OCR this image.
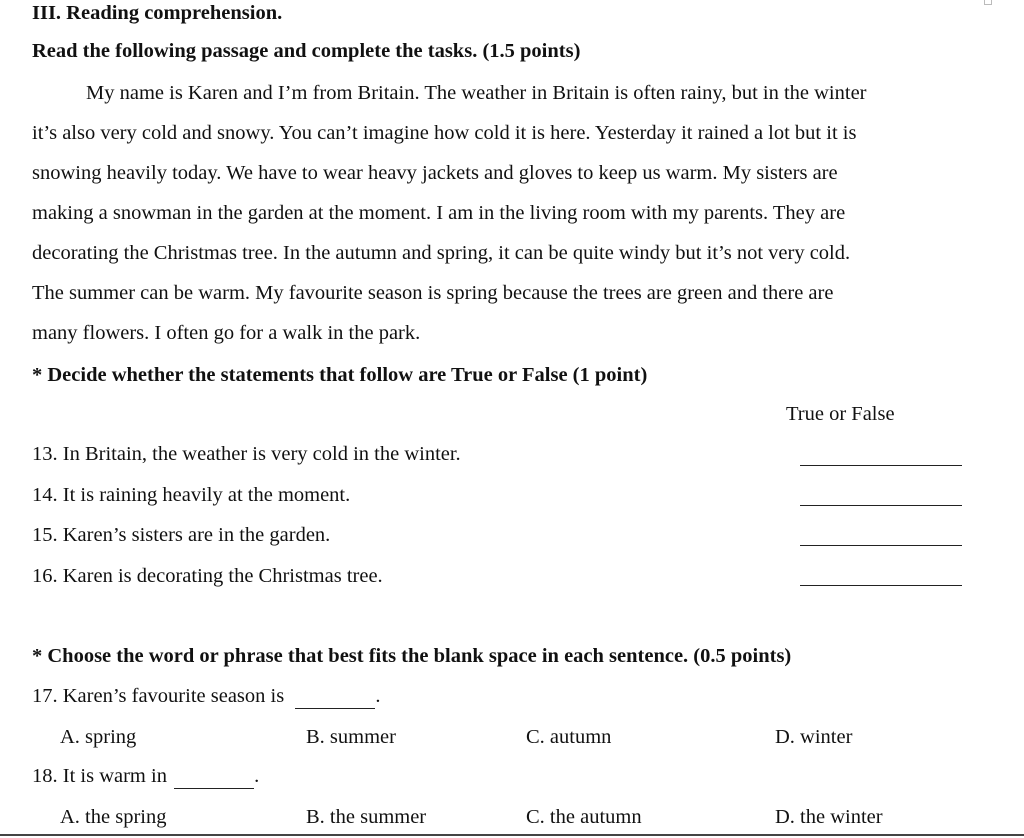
III. Reading comprehension.
Read the following passage and complete the tasks. (1.5 points)
My name is Karen and I’m from Britain. The weather in Britain is often rainy, but in the winter
it’s also very cold and snowy. You can’t imagine how cold it is here. Yesterday it rained a lot but it is
snowing heavily today. We have to wear heavy jackets and gloves to keep us warm. My sisters are
making a snowman in the garden at the moment. I am in the living room with my parents. They are
decorating the Christmas tree. In the autumn and spring, it can be quite windy but it’s not very cold.
The summer can be warm. My favourite season is spring because the trees are green and there are
many flowers. I often go for a walk in the park.
* Decide whether the statements that follow are True or False (1 point)
True or False
13. In Britain, the weather is very cold in the winter.
14. It is raining heavily at the moment.
15. Karen’s sisters are in the garden.
16. Karen is decorating the Christmas tree.
* Choose the word or phrase that best fits the blank space in each sentence. (0.5 points)
17. Karen’s favourite season is	.
A. spring	B. summer	C. autumn	D. winter
18. It is warm in	.
A. the spring	B. the summer	C. the autumn	D. the winter
